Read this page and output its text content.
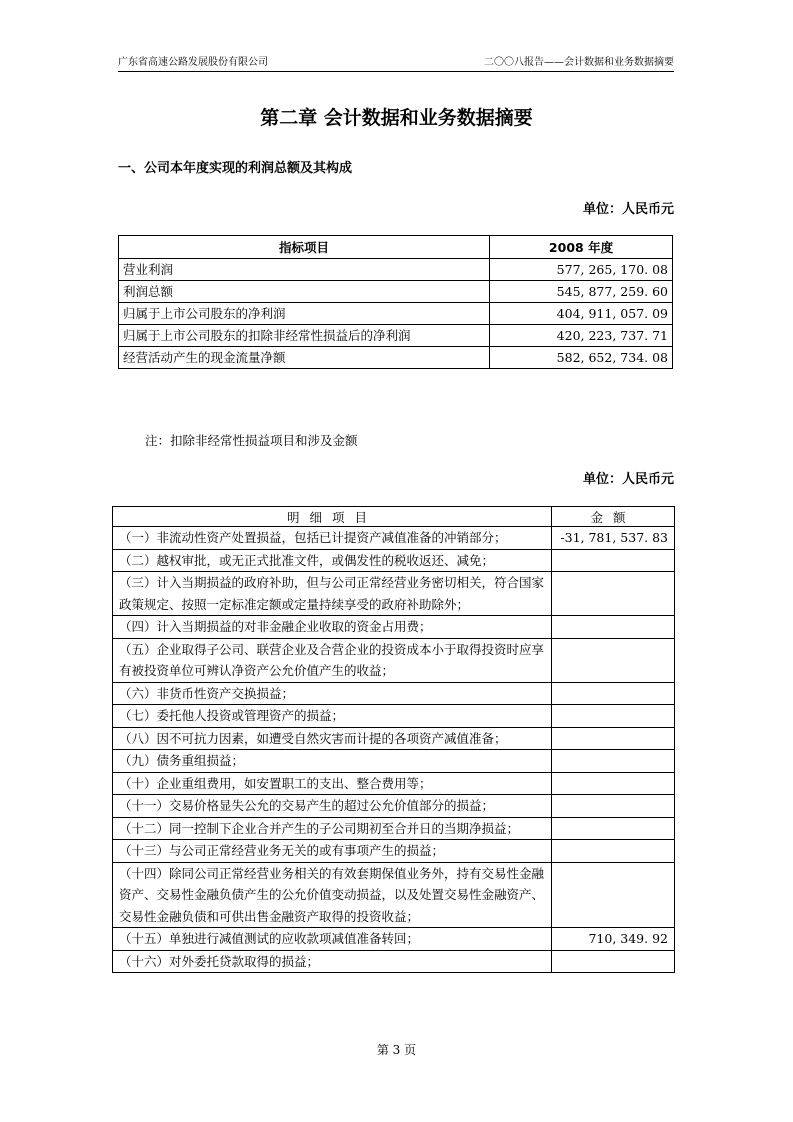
广东省高速公路发展股份有限公司	二〇〇八报告——会计数据和业务数据摘要
第二章 会计数据和业务数据摘要
一、公司本年度实现的利润总额及其构成
单位：人民币元
指标项目	2008 年度
营业利润	577, 265, 170. 08
利润总额	545, 877, 259. 60
归属于上市公司股东的净利润	404, 911, 057. 09
归属于上市公司股东的扣除非经常性损益后的净利润	420, 223, 737. 71
经营活动产生的现金流量净额	582, 652, 734. 08
注：扣除非经常性损益项目和涉及金额
单位：人民币元
明细项目	金额
（一）非流动性资产处置损益，包括已计提资产减值准备的冲销部分；	-31, 781, 537. 83
（二）越权审批，或无正式批准文件，或偶发性的税收返还、减免；	
（三）计入当期损益的政府补助，但与公司正常经营业务密切相关，符合国家政策规定、按照一定标准定额或定量持续享受的政府补助除外；	
（四）计入当期损益的对非金融企业收取的资金占用费；	
（五）企业取得子公司、联营企业及合营企业的投资成本小于取得投资时应享有被投资单位可辨认净资产公允价值产生的收益；	
（六）非货币性资产交换损益；	
（七）委托他人投资或管理资产的损益；	
（八）因不可抗力因素，如遭受自然灾害而计提的各项资产减值准备；	
（九）债务重组损益；	
（十）企业重组费用，如安置职工的支出、整合费用等；	
（十一）交易价格显失公允的交易产生的超过公允价值部分的损益；	
（十二）同一控制下企业合并产生的子公司期初至合并日的当期净损益；	
（十三）与公司正常经营业务无关的或有事项产生的损益；	
（十四）除同公司正常经营业务相关的有效套期保值业务外，持有交易性金融资产、交易性金融负债产生的公允价值变动损益，以及处置交易性金融资产、交易性金融负债和可供出售金融资产取得的投资收益；	
（十五）单独进行减值测试的应收款项减值准备转回；	710, 349. 92
（十六）对外委托贷款取得的损益；	
第 3 页
